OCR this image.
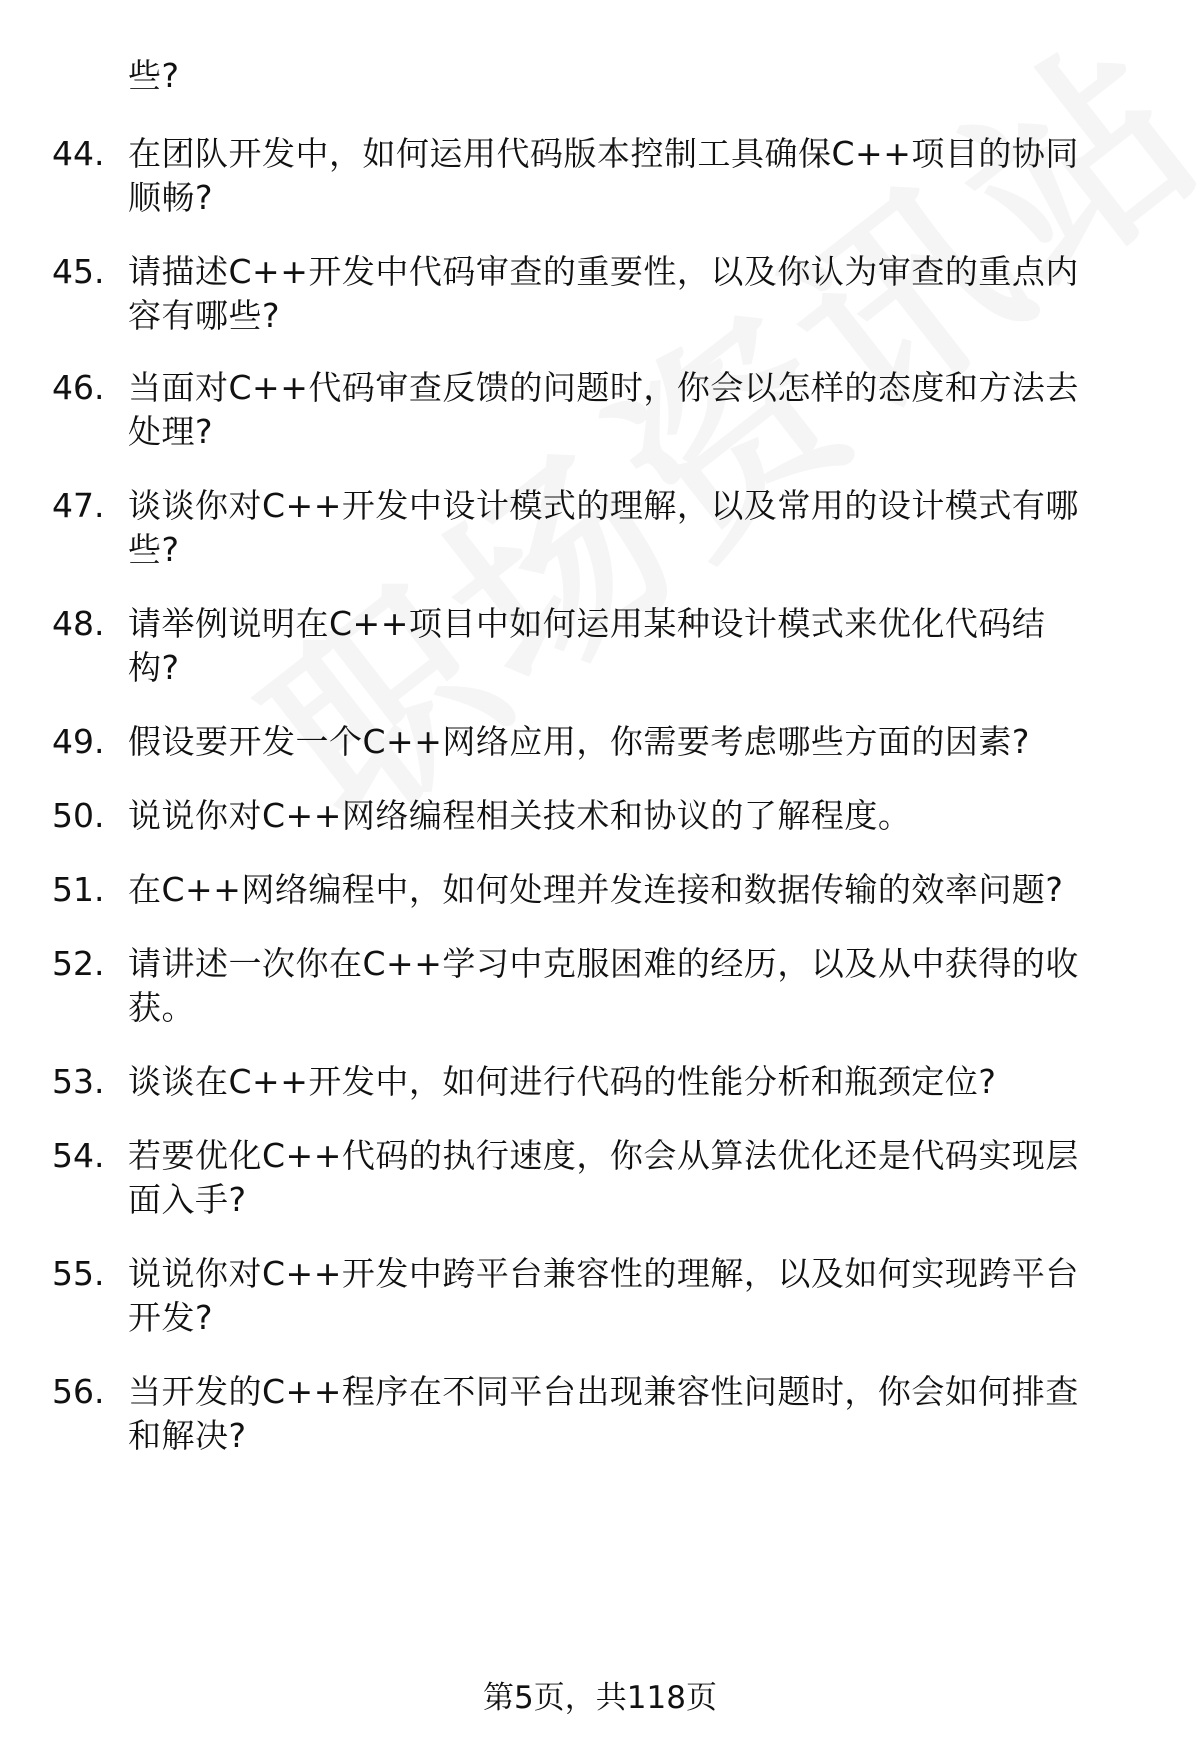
些?
44. 在团队开发中，如何运用代码版本控制工具确保C++项目的协同
顺畅?
45. 请描述C++开发中代码审查的重要性，以及你认为审查的重点内
容有哪些?
46. 当面对C++代码审查反馈的问题时，你会以怎样的态度和方法去
处理?
47. 谈谈你对C++开发中设计模式的理解，以及常用的设计模式有哪
些?
48. 请举例说明在C++项目中如何运用某种设计模式来优化代码结
构?
49. 假设要开发一个C++网络应用，你需要考虑哪些方面的因素?
50. 说说你对C++网络编程相关技术和协议的了解程度。
51. 在C++网络编程中，如何处理并发连接和数据传输的效率问题?
52. 请讲述一次你在C++学习中克服困难的经历，以及从中获得的收
获。
53. 谈谈在C++开发中，如何进行代码的性能分析和瓶颈定位?
54. 若要优化C++代码的执行速度，你会从算法优化还是代码实现层
面入手?
55. 说说你对C++开发中跨平台兼容性的理解，以及如何实现跨平台
开发?
56. 当开发的C++程序在不同平台出现兼容性问题时，你会如何排查
和解决?
第5页，共118页
